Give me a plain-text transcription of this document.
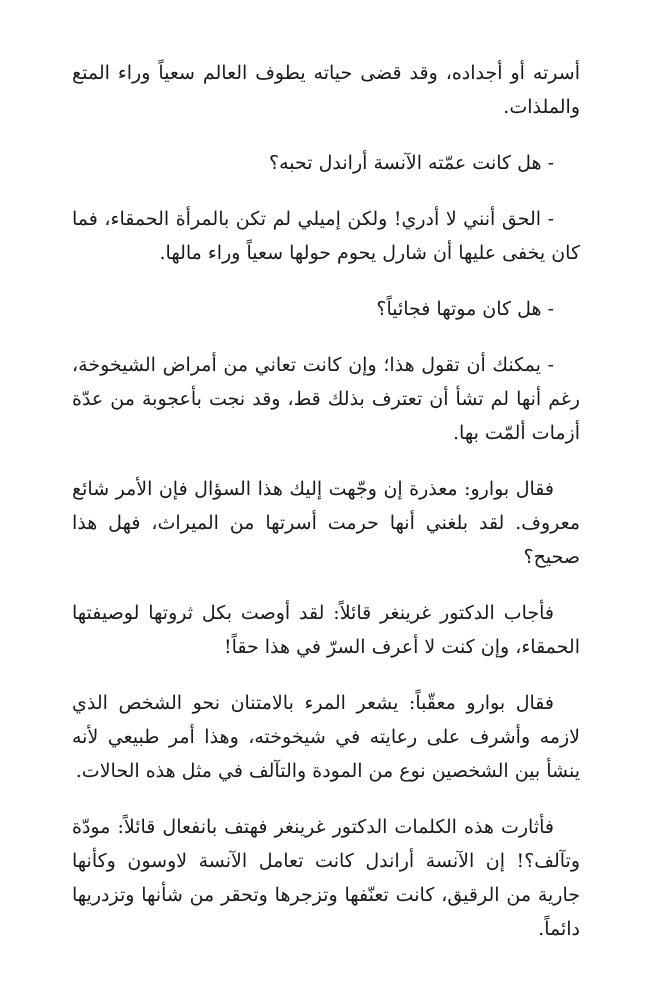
أسرته أو أجداده، وقد قضى حياته يطوف العالم سعياً وراء المتع والملذات.

- هل كانت عمّته الآنسة أراندل تحبه؟

- الحق أنني لا أدري! ولكن إميلي لم تكن بالمرأة الحمقاء، فما كان يخفى عليها أن شارل يحوم حولها سعياً وراء مالها.

- هل كان موتها فجائياً؟

- يمكنك أن تقول هذا؛ وإن كانت تعاني من أمراض الشيخوخة، رغم أنها لم تشأ أن تعترف بذلك قط، وقد نجت بأعجوبة من عدّة أزمات ألمّت بها.

فقال بوارو: معذرة إن وجّهت إليك هذا السؤال فإن الأمر شائع معروف. لقد بلغني أنها حرمت أسرتها من الميراث، فهل هذا صحيح؟

فأجاب الدكتور غرينغر قائلاً: لقد أوصت بكل ثروتها لوصيفتها الحمقاء، وإن كنت لا أعرف السرّ في هذا حقاً!

فقال بوارو معقّباً: يشعر المرء بالامتنان نحو الشخص الذي لازمه وأشرف على رعايته في شيخوخته، وهذا أمر طبيعي لأنه ينشأ بين الشخصين نوع من المودة والتآلف في مثل هذه الحالات.

فأثارت هذه الكلمات الدكتور غرينغر فهتف بانفعال قائلاً: مودّة وتآلف؟! إن الآنسة أراندل كانت تعامل الآنسة لاوسون وكأنها جارية من الرقيق، كانت تعنّفها وتزجرها وتحقر من شأنها وتزدريها دائماً.
